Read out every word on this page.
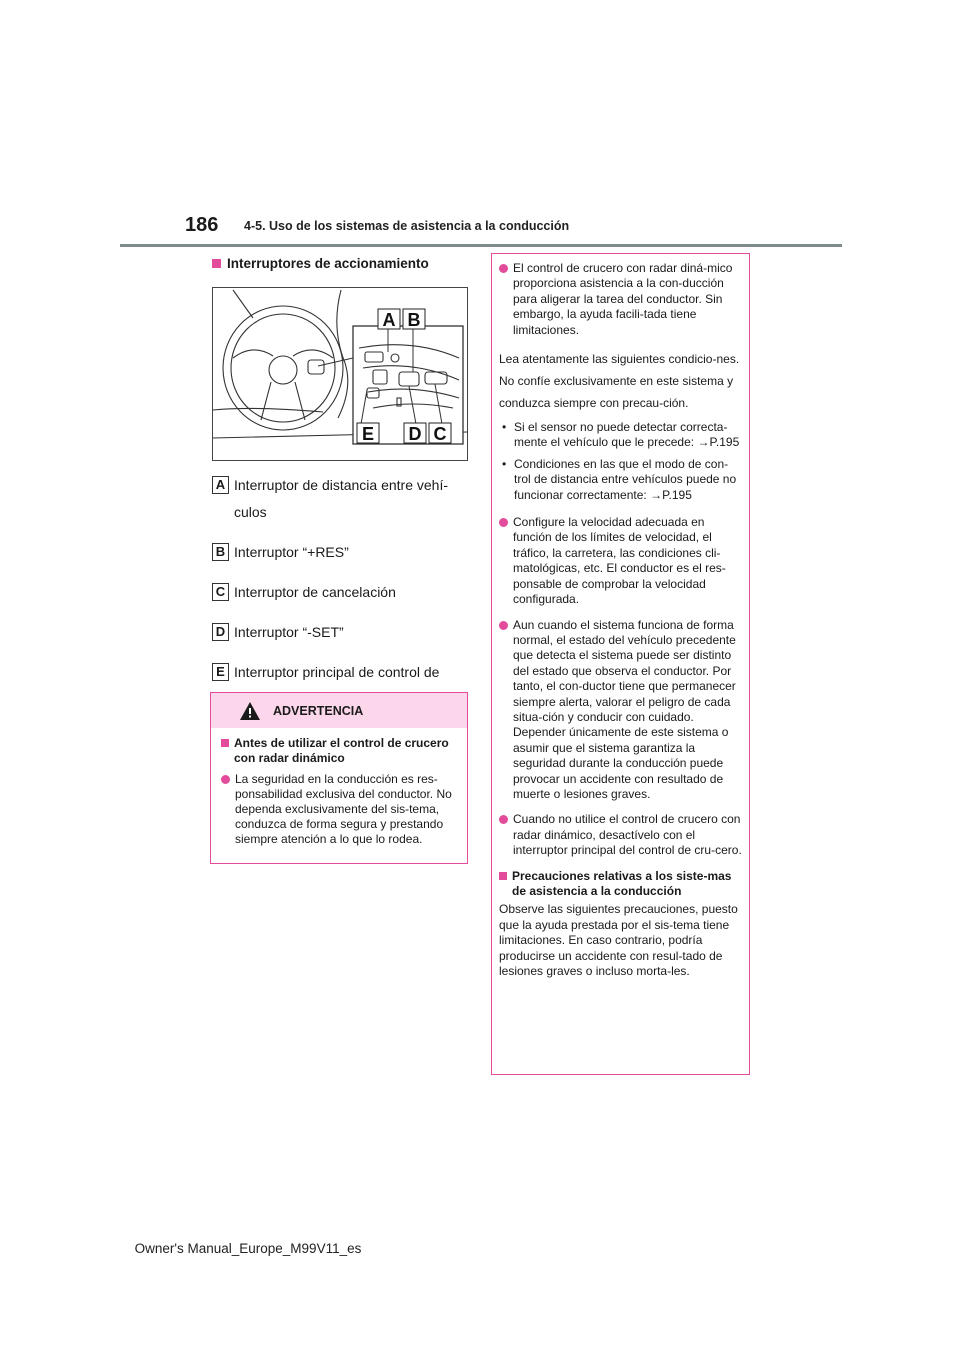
186 4-5. Uso de los sistemas de asistencia a la conducción
Interruptores de accionamiento
A B
E D C
A Interruptor de distancia entre vehí-culos
B Interruptor “+RES”
C Interruptor de cancelación
D Interruptor “-SET”
E Interruptor principal de control de
ADVERTENCIA
Antes de utilizar el control de crucero con radar dinámico
La seguridad en la conducción es res-ponsabilidad exclusiva del conductor. No dependa exclusivamente del sis-tema, conduzca de forma segura y prestando siempre atención a lo que lo rodea.
El control de crucero con radar diná-mico proporciona asistencia a la con-ducción para aligerar la tarea del conductor. Sin embargo, la ayuda facili-tada tiene limitaciones.
Lea atentamente las siguientes condicio-nes. No confíe exclusivamente en este sistema y conduzca siempre con precau-ción.
• Si el sensor no puede detectar correcta-mente el vehículo que le precede: →P.195
• Condiciones en las que el modo de con-trol de distancia entre vehículos puede no funcionar correctamente: →P.195
Configure la velocidad adecuada en función de los límites de velocidad, el tráfico, la carretera, las condiciones cli-matológicas, etc. El conductor es el res-ponsable de comprobar la velocidad configurada.
Aun cuando el sistema funciona de forma normal, el estado del vehículo precedente que detecta el sistema puede ser distinto del estado que observa el conductor. Por tanto, el con-ductor tiene que permanecer siempre alerta, valorar el peligro de cada situa-ción y conducir con cuidado. Depender únicamente de este sistema o asumir que el sistema garantiza la seguridad durante la conducción puede provocar un accidente con resultado de muerte o lesiones graves.
Cuando no utilice el control de crucero con radar dinámico, desactívelo con el interruptor principal del control de cru-cero.
Precauciones relativas a los siste-mas de asistencia a la conducción
Observe las siguientes precauciones, puesto que la ayuda prestada por el sis-tema tiene limitaciones. En caso contrario, podría producirse un accidente con resul-tado de lesiones graves o incluso morta-les.
Owner's Manual_Europe_M99V11_es
